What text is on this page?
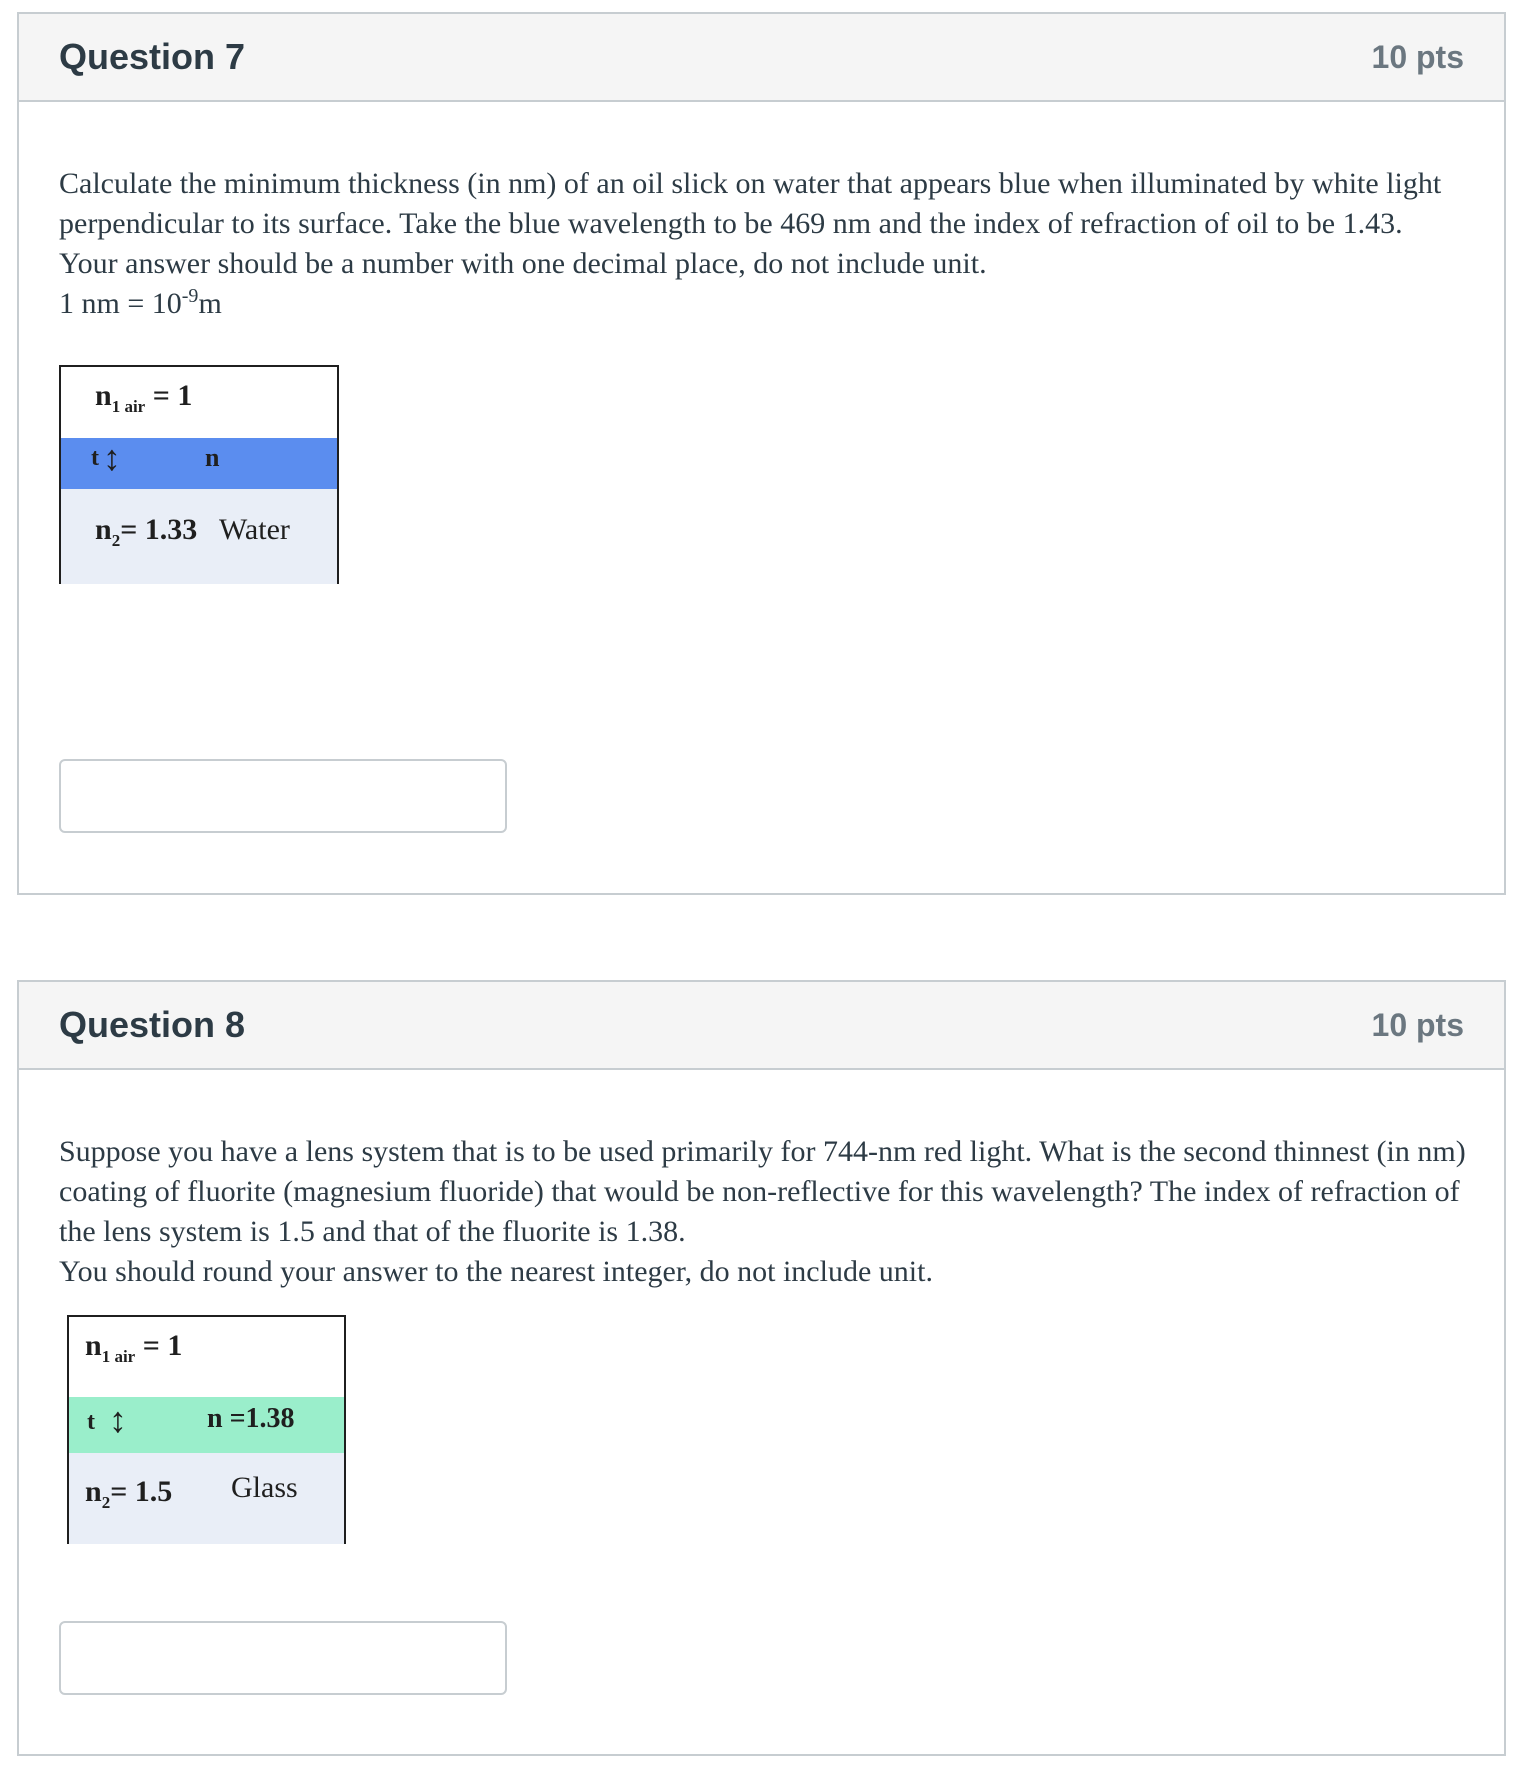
Question 7	10 pts

Calculate the minimum thickness (in nm) of an oil slick on water that appears blue when illuminated by white light perpendicular to its surface. Take the blue wavelength to be 469 nm and the index of refraction of oil to be 1.43.

Your answer should be a number with one decimal place, do not include unit.

1 nm = $10^{-9}m$

$n_{1 air} = 1$
t ↕	n
$n_2= 1.33$ Water
Question 8	10 pts

Suppose you have a lens system that is to be used primarily for 744-nm red light. What is the second thinnest (in nm) coating of fluorite (magnesium fluoride) that would be non-reflective for this wavelength? The index of refraction of the lens system is 1.5 and that of the fluorite is 1.38.

You should round your answer to the nearest integer, do not include unit.

$n_{1 air} = 1$
t ↕	n =1.38
$n_2= 1.5$ Glass
